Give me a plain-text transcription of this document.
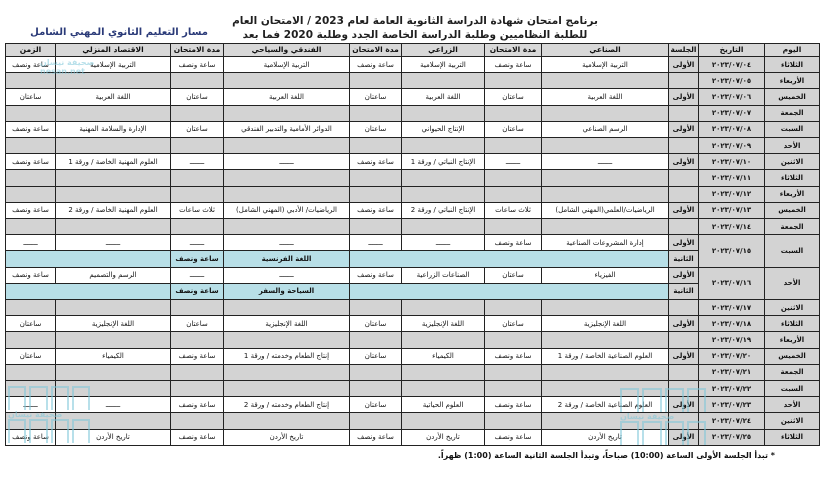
برنامج امتحان شهادة الدراسة الثانوية العامة لعام 2023 / الامتحان العام
للطلبة النظاميين وطلبة الدراسة الخاصة الجدد وطلبة 2020 فما بعد
مسار التعليم الثانوي المهني الشامل
اليوم	التاريخ	الجلسة	الصناعي	مدة الامتحان	الزراعي	مدة الامتحان	الفندقي والسياحي	مدة الامتحان	الاقتصاد المنزلي	الزمن	
الثلاثاء	٢٠٢٣/٠٧/٠٤	الأولى	التربية الإسلامية	ساعة ونصف	التربية الإسلامية	ساعة ونصف	التربية الإسلامية	ساعة ونصف	التربية الإسلامية	ساعة ونصف	
الأربعاء	٢٠٢٣/٠٧/٠٥										
الخميس	٢٠٢٣/٠٧/٠٦	الأولى	اللغة العربية	ساعتان	اللغة العربية	ساعتان	اللغة العربية	ساعتان	اللغة العربية	ساعتان	
الجمعة	٢٠٢٣/٠٧/٠٧										
السبت	٢٠٢٣/٠٧/٠٨	الأولى	الرسم الصناعي	ساعتان	الإنتاج الحيواني	ساعتان	الدوائر الأمامية والتدبير الفندقي	ساعتان	الإدارة والسلامة المهنية	ساعة ونصف	
الأحد	٢٠٢٣/٠٧/٠٩										
الاثنين	٢٠٢٣/٠٧/١٠	الأولى	ـــــــ	ـــــــ	الإنتاج النباتي / ورقة 1	ساعة ونصف	ـــــــ	ـــــــ	العلوم المهنية الخاصة / ورقة 1	ساعة ونصف	
الثلاثاء	٢٠٢٣/٠٧/١١										
الأربعاء	٢٠٢٣/٠٧/١٢										
الخميس	٢٠٢٣/٠٧/١٣	الأولى	الرياضيات/العلمي(المهني الشامل)	ثلاث ساعات	الإنتاج النباتي / ورقة 2	ساعة ونصف	الرياضيات/ الأدبي (المهني الشامل)	ثلاث ساعات	العلوم المهنية الخاصة / ورقة 2	ساعة ونصف	
الجمعة	٢٠٢٣/٠٧/١٤										
السبت	٢٠٢٣/٠٧/١٥	الأولى	إدارة المشروعات الصناعية	ساعة ونصف	ـــــــ	ـــــــ	ـــــــ	ـــــــ	ـــــــ	ـــــــ	
		الثانية					اللغة الفرنسية	ساعة ونصف			
الأحد	٢٠٢٣/٠٧/١٦	الأولى	الفيزياء	ساعتان	الصناعات الزراعية	ساعة ونصف	ـــــــ	ـــــــ	الرسم والتصميم	ساعة ونصف	
		الثانية					السياحة والسفر	ساعة ونصف			
الاثنين	٢٠٢٣/٠٧/١٧										
الثلاثاء	٢٠٢٣/٠٧/١٨	الأولى	اللغة الإنجليزية	ساعتان	اللغة الإنجليزية	ساعتان	اللغة الإنجليزية	ساعتان	اللغة الإنجليزية	ساعتان	
الأربعاء	٢٠٢٣/٠٧/١٩										
الخميس	٢٠٢٣/٠٧/٢٠	الأولى	العلوم الصناعية الخاصة / ورقة 1	ساعة ونصف	الكيمياء	ساعتان	إنتاج الطعام وخدمته / ورقة 1	ساعة ونصف	الكيمياء	ساعتان	
الجمعة	٢٠٢٣/٠٧/٢١										
السبت	٢٠٢٣/٠٧/٢٢										
الأحد	٢٠٢٣/٠٧/٢٣	الأولى	العلوم الصناعية الخاصة / ورقة 2	ساعة ونصف	العلوم الحياتية	ساعتان	إنتاج الطعام وخدمته / ورقة 2	ساعة ونصف	ـــــــ	ـــــــ	
الاثنين	٢٠٢٣/٠٧/٢٤										
الثلاثاء	٢٠٢٣/٠٧/٢٥	الأولى	تاريخ الأردن	ساعة ونصف	تاريخ الأردن	ساعة ونصف	تاريخ الأردن	ساعة ونصف	تاريخ الأردن	ساعة ونصف	
* تبدأ الجلسة الأولى الساعة (10:00) صباحاً، وتبدأ الجلسة الثانية الساعة (1:00) ظهراً.
صحيفة نيسان
nesan.net
صحيفة نيسان	صحيفة نيسان
